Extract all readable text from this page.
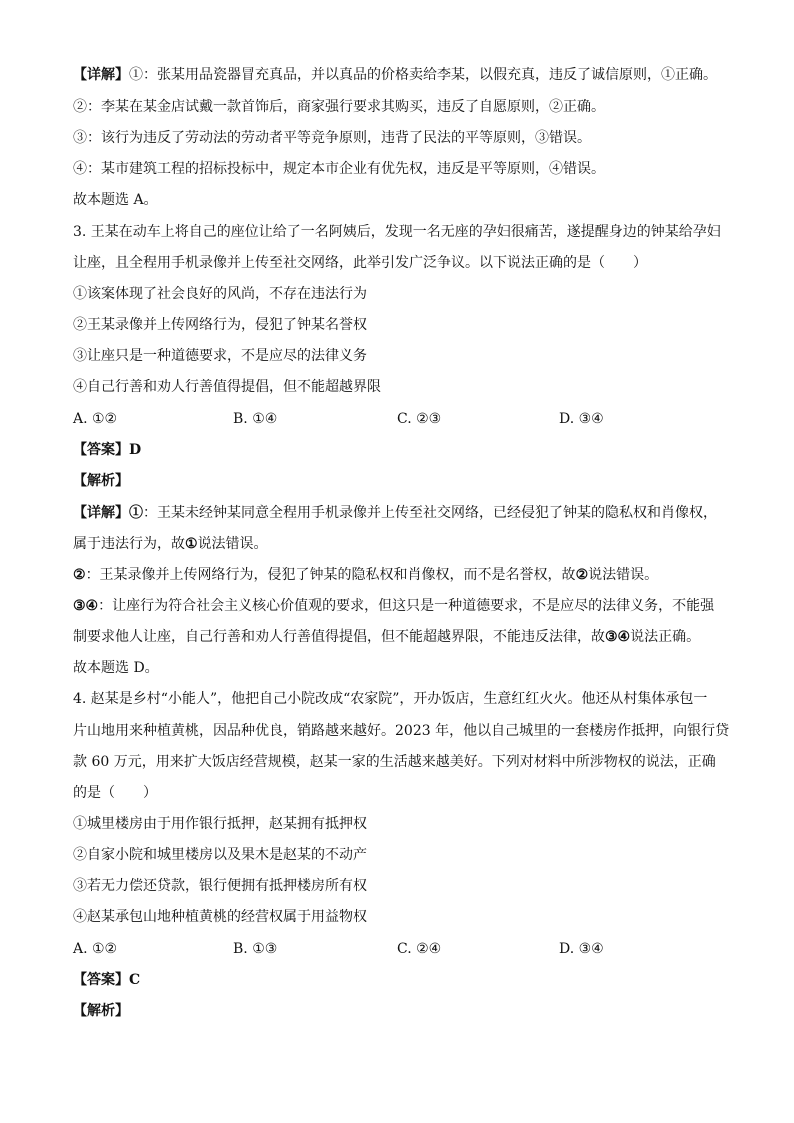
【详解】①：张某用品瓷器冒充真品，并以真品的价格卖给李某，以假充真，违反了诚信原则，①正确。
②：李某在某金店试戴一款首饰后，商家强行要求其购买，违反了自愿原则，②正确。
③：该行为违反了劳动法的劳动者平等竞争原则，违背了民法的平等原则，③错误。
④：某市建筑工程的招标投标中，规定本市企业有优先权，违反是平等原则，④错误。
故本题选 A。
3. 王某在动车上将自己的座位让给了一名阿姨后，发现一名无座的孕妇很痛苦，遂提醒身边的钟某给孕妇
让座，且全程用手机录像并上传至社交网络，此举引发广泛争议。以下说法正确的是（　　）
①该案体现了社会良好的风尚，不存在违法行为
②王某录像并上传网络行为，侵犯了钟某名誉权
③让座只是一种道德要求，不是应尽的法律义务
④自己行善和劝人行善值得提倡，但不能超越界限
A. ①②	B. ①④	C. ②③	D. ③④
【答案】D
【解析】
【详解】①：王某未经钟某同意全程用手机录像并上传至社交网络，已经侵犯了钟某的隐私权和肖像权，
属于违法行为，故①说法错误。
②：王某录像并上传网络行为，侵犯了钟某的隐私权和肖像权，而不是名誉权，故②说法错误。
制要求他人让座，自己行善和劝人行善值得提倡，但不能超越界限，不能违反法律，故③④说法正确。
③④：让座行为符合社会主义核心价值观的要求，但这只是一种道德要求，不是应尽的法律义务，不能强
故本题选 D。
4. 赵某是乡村“小能人”，他把自己小院改成“农家院”，开办饭店，生意红红火火。他还从村集体承包一
片山地用来种植黄桃，因品种优良，销路越来越好。2023 年，他以自己城里的一套楼房作抵押，向银行贷
款 60 万元，用来扩大饭店经营规模，赵某一家的生活越来越美好。下列对材料中所涉物权的说法，正确
的是（　　）
①城里楼房由于用作银行抵押，赵某拥有抵押权
②自家小院和城里楼房以及果木是赵某的不动产
③若无力偿还贷款，银行便拥有抵押楼房所有权
④赵某承包山地种植黄桃的经营权属于用益物权
A. ①②	B. ①③	C. ②④	D. ③④
【答案】C
【解析】
